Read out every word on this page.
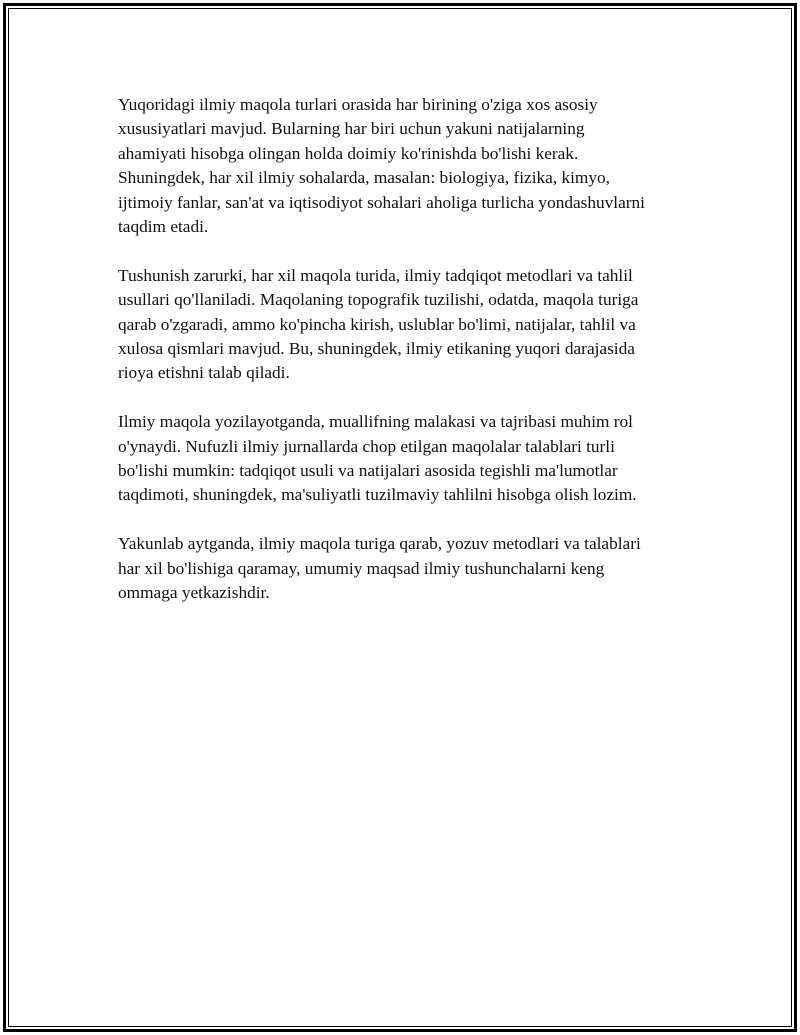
Yuqoridagi ilmiy maqola turlari orasida har birining o'ziga xos asosiy
xususiyatlari mavjud. Bularning har biri uchun yakuni natijalarning
ahamiyati hisobga olingan holda doimiy ko'rinishda bo'lishi kerak.
Shuningdek, har xil ilmiy sohalarda, masalan: biologiya, fizika, kimyo,
ijtimoiy fanlar, san'at va iqtisodiyot sohalari aholiga turlicha yondashuvlarni
taqdim etadi.

Tushunish zarurki, har xil maqola turida, ilmiy tadqiqot metodlari va tahlil
usullari qo'llaniladi. Maqolaning topografik tuzilishi, odatda, maqola turiga
qarab o'zgaradi, ammo ko'pincha kirish, uslublar bo'limi, natijalar, tahlil va
xulosa qismlari mavjud. Bu, shuningdek, ilmiy etikaning yuqori darajasida
rioya etishni talab qiladi.

Ilmiy maqola yozilayotganda, muallifning malakasi va tajribasi muhim rol
o'ynaydi. Nufuzli ilmiy jurnallarda chop etilgan maqolalar talablari turli
bo'lishi mumkin: tadqiqot usuli va natijalari asosida tegishli ma'lumotlar
taqdimoti, shuningdek, ma'suliyatli tuzilmaviy tahlilni hisobga olish lozim.

Yakunlab aytganda, ilmiy maqola turiga qarab, yozuv metodlari va talablari
har xil bo'lishiga qaramay, umumiy maqsad ilmiy tushunchalarni keng
ommaga yetkazishdir.
